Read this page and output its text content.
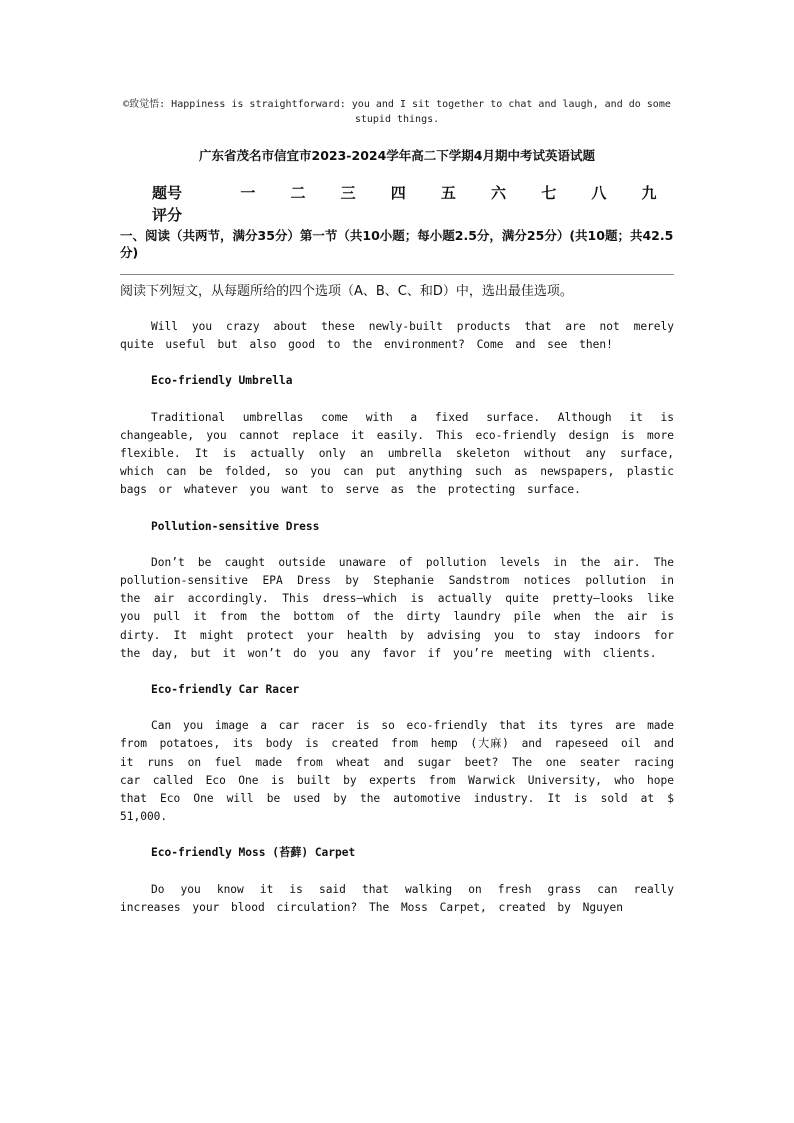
©致觉悟: Happiness is straightforward: you and I sit together to chat and laugh, and do some stupid things.
广东省茂名市信宜市2023-2024学年高二下学期4月期中考试英语试题
题号	一	二	三	四	五	六	七	八	九
评分
一、阅读（共两节，满分35分）第一节（共10小题；每小题2.5分，满分25分）(共10题；共42.5分)
阅读下列短文，从每题所给的四个选项（A、B、C、和D）中，选出最佳选项。

Will you crazy about these newly-built products that are not merely quite useful but also good to the environment? Come and see then!

Eco-friendly Umbrella

Traditional umbrellas come with a fixed surface. Although it is changeable, you cannot replace it easily. This eco-friendly design is more flexible. It is actually only an umbrella skeleton without any surface, which can be folded, so you can put anything such as newspapers, plastic bags or whatever you want to serve as the protecting surface.

Pollution-sensitive Dress

Don’t be caught outside unaware of pollution levels in the air. The pollution-sensitive EPA Dress by Stephanie Sandstrom notices pollution in the air accordingly. This dress—which is actually quite pretty—looks like you pull it from the bottom of the dirty laundry pile when the air is dirty. It might protect your health by advising you to stay indoors for the day, but it won’t do you any favor if you’re meeting with clients.

Eco-friendly Car Racer

Can you image a car racer is so eco-friendly that its tyres are made from potatoes, its body is created from hemp (大麻) and rapeseed oil and it runs on fuel made from wheat and sugar beet? The one seater racing car called Eco One is built by experts from Warwick University, who hope that Eco One will be used by the automotive industry. It is sold at $ 51,000.

Eco-friendly Moss (苔藓) Carpet

Do you know it is said that walking on fresh grass can really increases your blood circulation? The Moss Carpet, created by Nguyen
